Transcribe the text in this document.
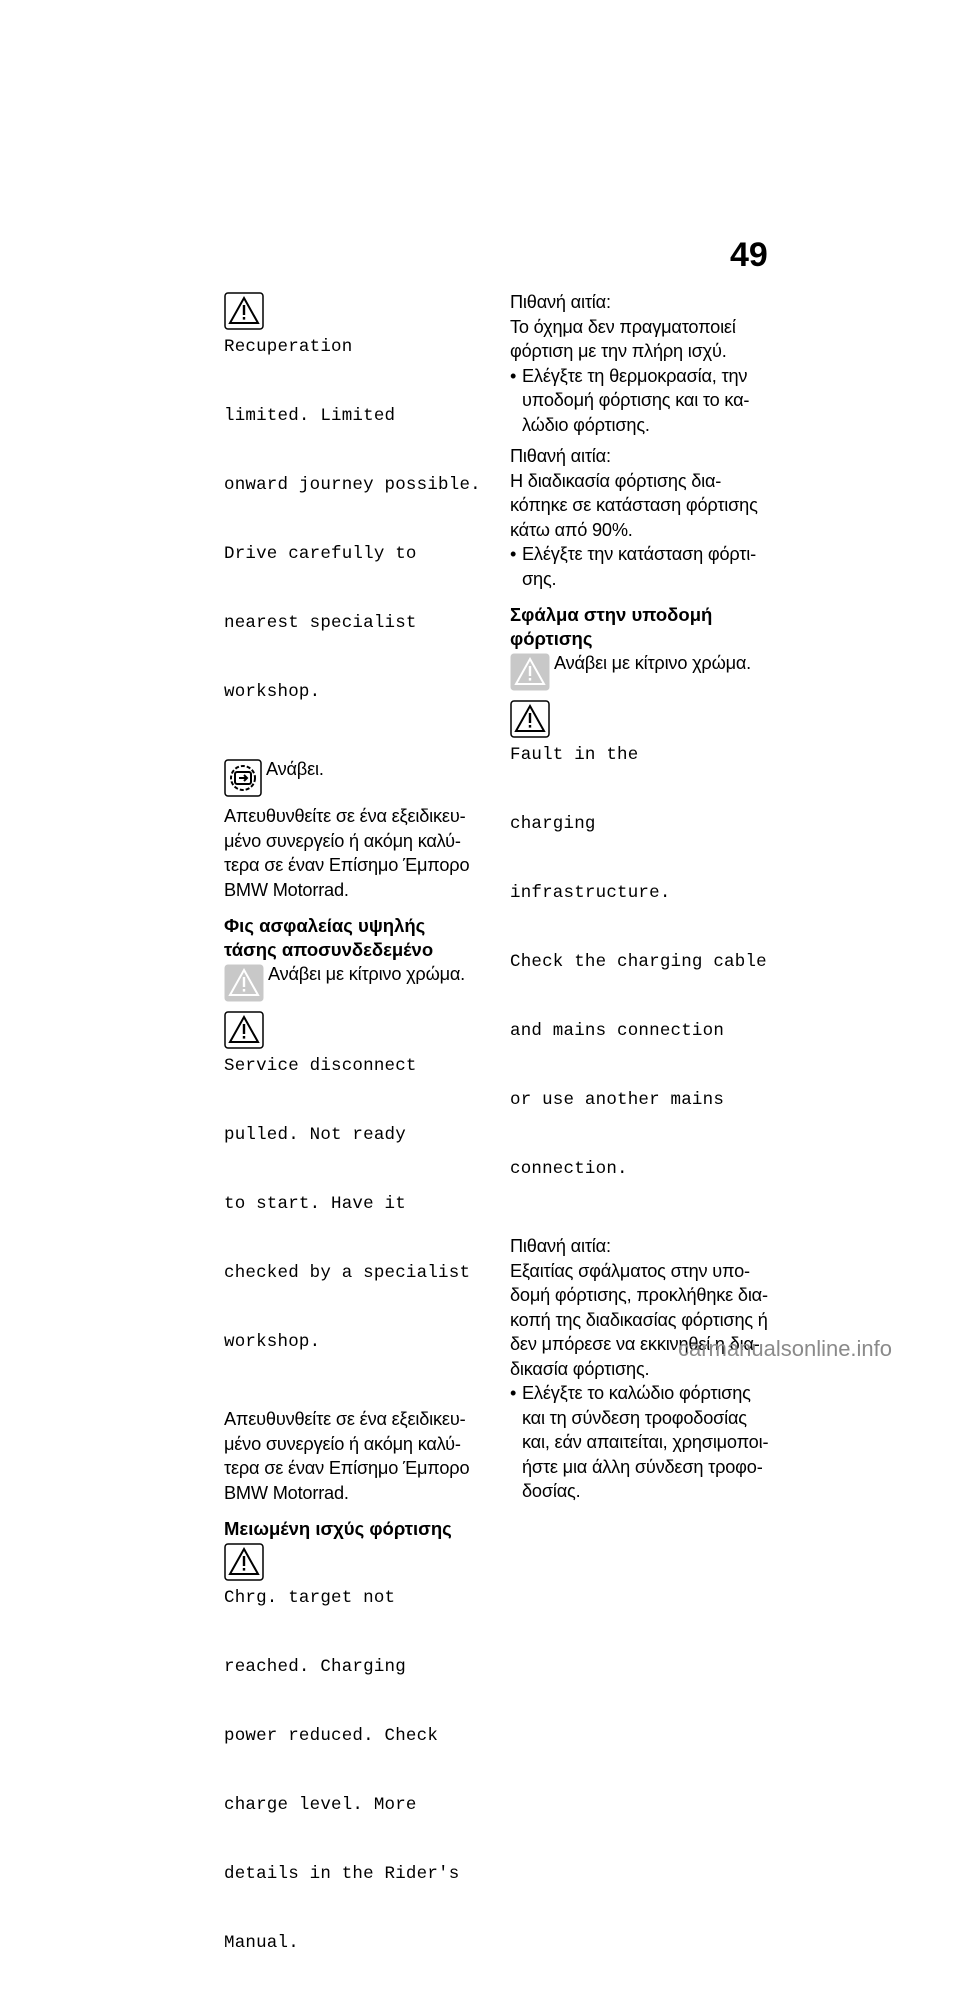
49

Recuperation

limited. Limited

onward journey possible.

Drive carefully to

nearest specialist

workshop.

Ανάβει.
Απευθυνθείτε σε ένα εξειδικευ-
μένο συνεργείο ή ακόμη καλύ-
τερα σε έναν Επίσημο Έμπορο
BMW Motorrad.
Φις ασφαλείας υψηλής
τάσης αποσυνδεδεμένο
Ανάβει με κίτρινο χρώμα.

Service disconnect

pulled. Not ready

to start. Have it

checked by a specialist

workshop.

Απευθυνθείτε σε ένα εξειδικευ-
μένο συνεργείο ή ακόμη καλύ-
τερα σε έναν Επίσημο Έμπορο
BMW Motorrad.
Μειωμένη ισχύς φόρτισης

Chrg. target not

reached. Charging

power reduced. Check

charge level. More

details in the Rider's

Manual.

Πιθανή αιτία:
Το όχημα δεν πραγματοποιεί
φόρτιση με την πλήρη ισχύ.
• Ελέγξτε τη θερμοκρασία, την
υποδομή φόρτισης και το κα-
λώδιο φόρτισης.
Πιθανή αιτία:
Η διαδικασία φόρτισης δια-
κόπηκε σε κατάσταση φόρτισης
κάτω από 90%.
• Ελέγξτε την κατάσταση φόρτι-
σης.
Σφάλμα στην υποδομή
φόρτισης
Ανάβει με κίτρινο χρώμα.

Fault in the

charging

infrastructure.

Check the charging cable

and mains connection

or use another mains

connection.

Πιθανή αιτία:
Εξαιτίας σφάλματος στην υπο-
δομή φόρτισης, προκλήθηκε δια-
κοπή της διαδικασίας φόρτισης ή
δεν μπόρεσε να εκκινηθεί η δια-
δικασία φόρτισης.
• Ελέγξτε το καλώδιο φόρτισης
και τη σύνδεση τροφοδοσίας
και, εάν απαιτείται, χρησιμοποι-
ήστε μια άλλη σύνδεση τροφο-
δοσίας.
carmanualsonline.info
